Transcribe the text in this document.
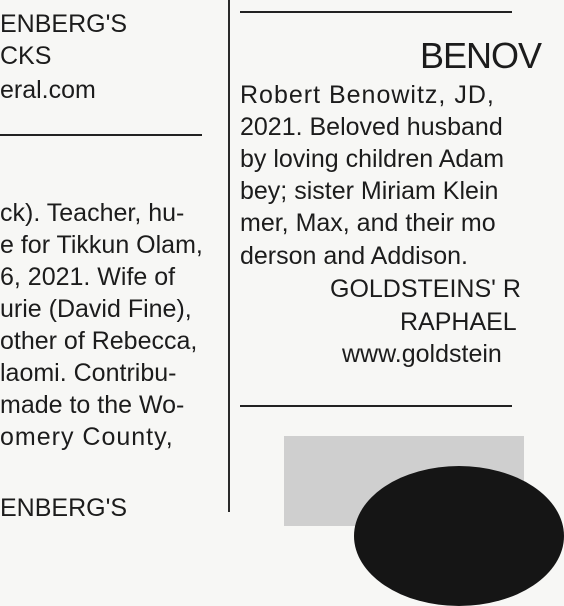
ENBERG'S
CKS
eral.com
ck). Teacher, hu-
e for Tikkun Olam,
6, 2021. Wife of
urie (David Fine),
other of Rebecca,
laomi. Contribu-
made to the Wo-
omery County,
ENBERG'S
BENOV
Robert Benowitz, JD,
2021. Beloved husband
by loving children Adam
bey; sister Miriam Klein
mer, Max, and their mo
derson and Addison.
GOLDSTEINS' R
RAPHAEL
www.goldstein
